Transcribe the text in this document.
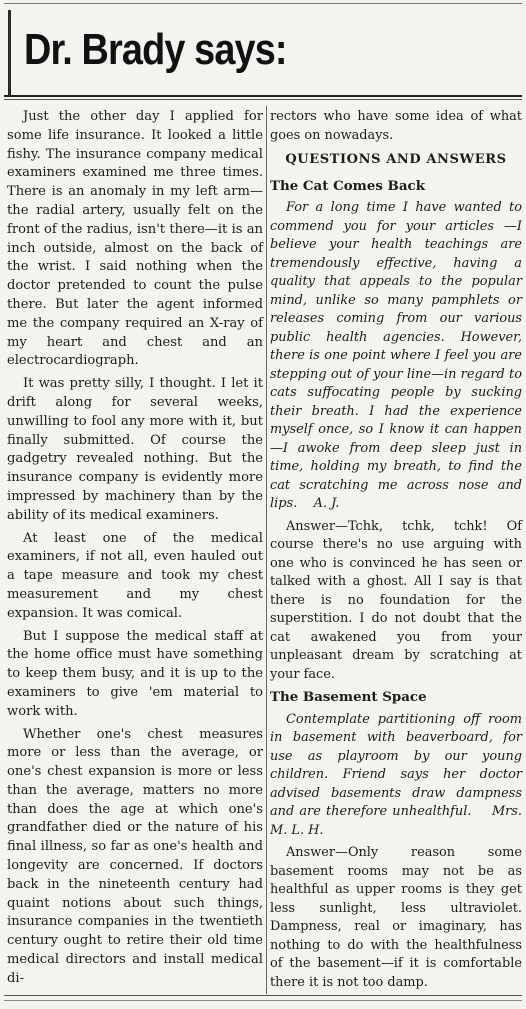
Dr. Brady says:

Just the other day I applied for some life insurance. It looked a little fishy. The insurance company medical examiners examined me three times. There is an anomaly in my left arm—the radial artery, usually felt on the front of the radius, isn't there—it is an inch outside, almost on the back of the wrist. I said nothing when the doctor pretended to count the pulse there. But later the agent informed me the company required an X-ray of my heart and chest and an electrocardiograph.

It was pretty silly, I thought. I let it drift along for several weeks, unwilling to fool any more with it, but finally submitted. Of course the gadgetry revealed nothing. But the insurance company is evidently more impressed by machinery than by the ability of its medical examiners.

At least one of the medical examiners, if not all, even hauled out a tape measure and took my chest measurement and my chest expansion. It was comical.

But I suppose the medical staff at the home office must have something to keep them busy, and it is up to the examiners to give 'em material to work with.

Whether one's chest measures more or less than the average, or one's chest expansion is more or less than the average, matters no more than does the age at which one's grandfather died or the nature of his final illness, so far as one's health and longevity are concerned. If doctors back in the nineteenth century had quaint notions about such things, insurance companies in the twentieth century ought to retire their old time medical directors and install medical di-

rectors who have some idea of what goes on nowadays.

QUESTIONS AND ANSWERS
The Cat Comes Back

For a long time I have wanted to commend you for your articles —I believe your health teachings are tremendously effective, having a quality that appeals to the popular mind, unlike so many pamphlets or releases coming from our various public health agencies. However, there is one point where I feel you are stepping out of your line—in regard to cats suffocating people by sucking their breath. I had the experience myself once, so I know it can happen—I awoke from deep sleep just in time, holding my breath, to find the cat scratching me across nose and lips. A. J.

Answer—Tchk, tchk, tchk! Of course there's no use arguing with one who is convinced he has seen or talked with a ghost. All I say is that there is no foundation for the superstition. I do not doubt that the cat awakened you from your unpleasant dream by scratching at your face.

The Basement Space

Contemplate partitioning off room in basement with beaverboard, for use as playroom by our young children. Friend says her doctor advised basements draw dampness and are therefore unhealthful. Mrs. M. L. H.

Answer—Only reason some basement rooms may not be as healthful as upper rooms is they get less sunlight, less ultraviolet. Dampness, real or imaginary, has nothing to do with the healthfulness of the basement—if it is comfortable there it is not too damp.
